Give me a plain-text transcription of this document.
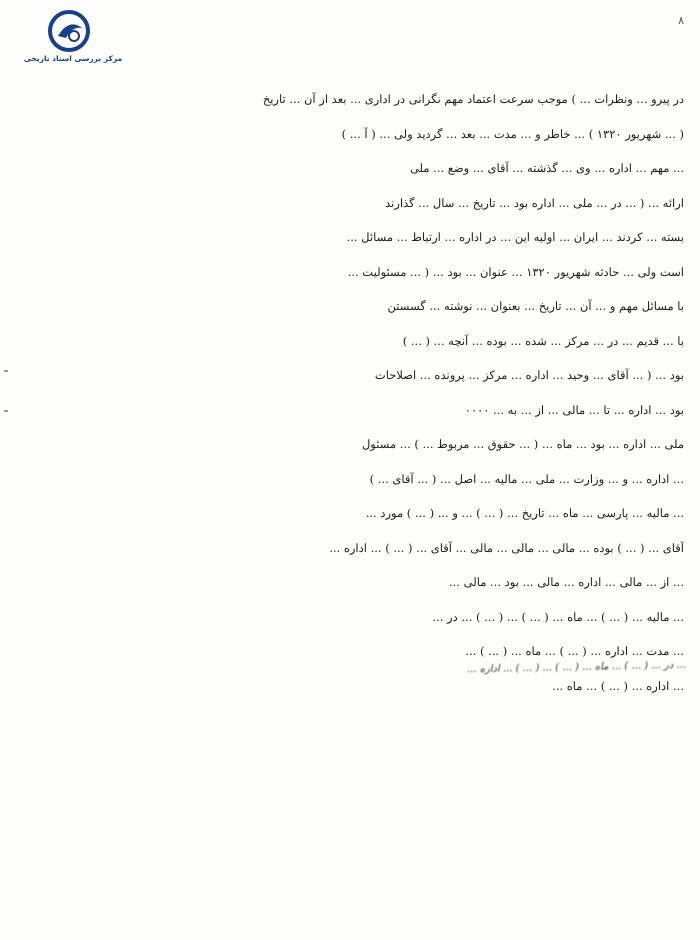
مرکز بررسی اسناد تاریخی
۸
در پیرو ... ونظرات ... ) موجب سرعت اعتماد مهم نگرانی در اداری ... بعد از آن ... تاریخ
( ... شهریور ۱۳۲۰ ) ... خاطر و ... مدت ... بعد ... گردید ولی ... ( آ ... )
... مهم ... اداره ... وی ... گذشته ... آقای ... وضع ... ملی
ارائه ... ( ... در ... ملی ... اداره بود ... تاریخ ... سال ... گذارند
بسته ... کردند ... ایران ... اولیه این ... در اداره ... ارتباط ... مسائل ...
است ولی ... حادثه شهریور ۱۳۲۰ ... عنوان ... بود ... ( ... مسئولیت ...
با مسائل مهم و ... آن ... تاریخ ... بعنوان ... نوشته ... گسستن
با ... قدیم ... در ... مرکز ... شده ... بوده ... آنچه ... ( ... )
بود ... ( ... آقای ... وحید ... اداره ... مرکز ... پرونده ... اصلاحات
بود ... اداره ... تا ... مالی ... از ... به ... ۰۰۰۰
ملی ... اداره ... بود ... ماه ... ( ... حقوق ... مربوط ... ) ... مسئول
... اداره ... و ... وزارت ... ملی ... مالیه ... اصل ... ( ... آقای ... )
... مالیه ... پارسی ... ماه ... تاریخ ... ( ... ) ... و ... ( ... ) مورد ...
آقای ... ( ... ) بوده ... مالی ... مالی ... مالی ... آقای ... ( ... ) ... اداره ...
... از ... مالی ... اداره ... مالی ... بود ... مالی ...
... مالیه ... ( ... ) ... ماه ... ( ... ) ... ( ... ) ... در ...
... مدت ... اداره ... ( ... ) ... ماه ... ( ... ) ...
... اداره ... ( ... ) ... ماه ...
... در ... ( ... ) ... ماه ... ( ... ) ... ( ... ) ... اداره ...
